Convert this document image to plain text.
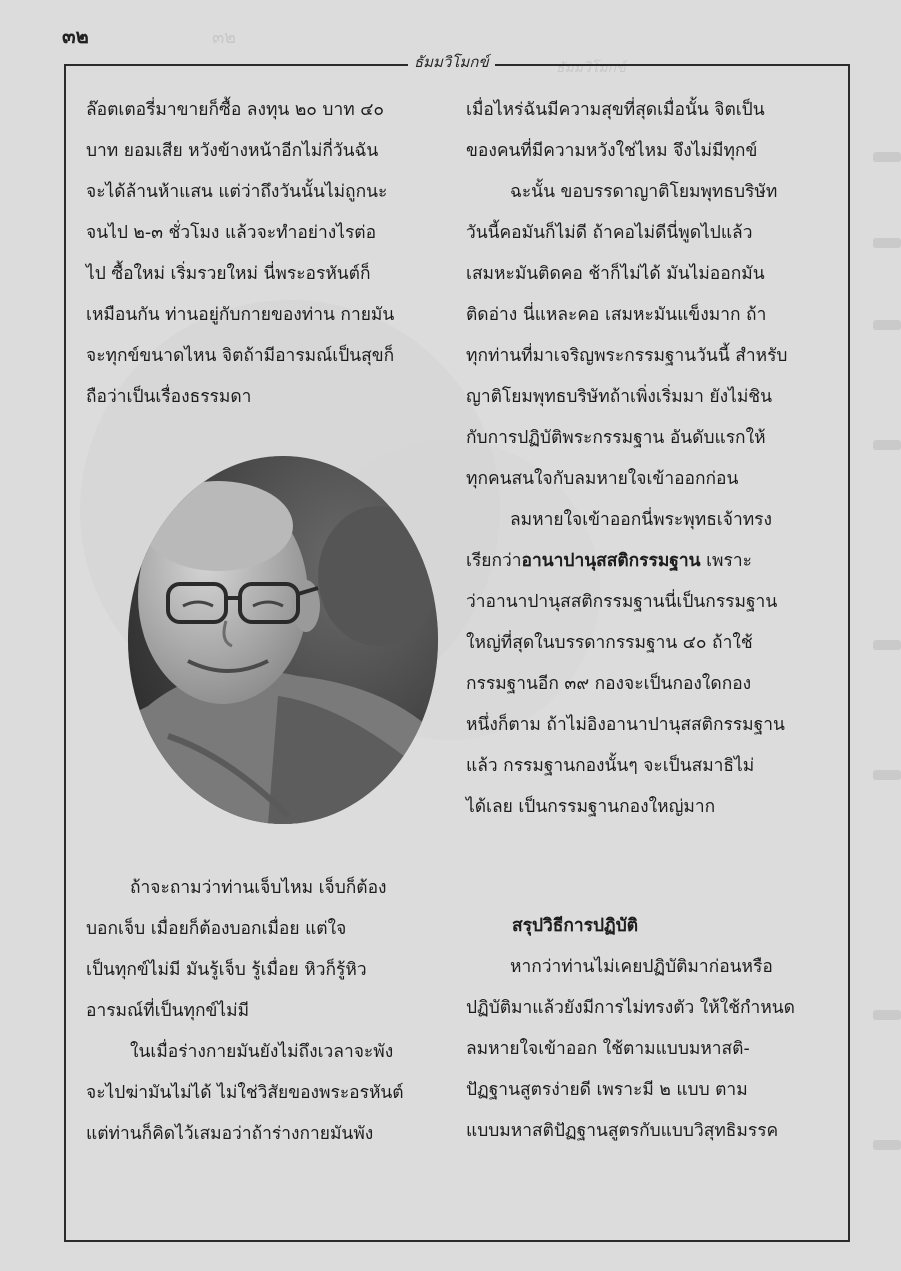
๓๒	๓๒
ธัมมวิโมกข์
ธัมมวิโมกข์

ล๊อตเตอรี่มาขายก็ซื้อ ลงทุน ๒๐ บาท ๔๐

บาท ยอมเสีย หวังข้างหน้าอีกไม่กี่วันฉัน

จะได้ล้านห้าแสน แต่ว่าถึงวันนั้นไม่ถูกนะ

จนไป ๒-๓ ชั่วโมง แล้วจะทำอย่างไรต่อ

ไป ซื้อใหม่ เริ่มรวยใหม่ นี่พระอรหันต์ก็

เหมือนกัน ท่านอยู่กับกายของท่าน กายมัน

จะทุกข์ขนาดไหน จิตถ้ามีอารมณ์เป็นสุขก็

ถือว่าเป็นเรื่องธรรมดา

ถ้าจะถามว่าท่านเจ็บไหม เจ็บก็ต้อง

บอกเจ็บ เมื่อยก็ต้องบอกเมื่อย แต่ใจ

เป็นทุกข์ไม่มี มันรู้เจ็บ รู้เมื่อย หิวก็รู้หิว

อารมณ์ที่เป็นทุกข์ไม่มี

ในเมื่อร่างกายมันยังไม่ถึงเวลาจะพัง

จะไปฆ่ามันไม่ได้ ไม่ใช่วิสัยของพระอรหันต์

แต่ท่านก็คิดไว้เสมอว่าถ้าร่างกายมันพัง

เมื่อไหร่ฉันมีความสุขที่สุดเมื่อนั้น จิตเป็น

ของคนที่มีความหวังใช่ไหม จึงไม่มีทุกข์

ฉะนั้น ขอบรรดาญาติโยมพุทธบริษัท

วันนี้คอมันก็ไม่ดี ถ้าคอไม่ดีนี่พูดไปแล้ว

เสมหะมันติดคอ ช้าก็ไม่ได้ มันไม่ออกมัน

ติดอ่าง นี่แหละคอ เสมหะมันแข็งมาก ถ้า

ทุกท่านที่มาเจริญพระกรรมฐานวันนี้ สำหรับ

ญาติโยมพุทธบริษัทถ้าเพิ่งเริ่มมา ยังไม่ชิน

กับการปฏิบัติพระกรรมฐาน อันดับแรกให้

ทุกคนสนใจกับลมหายใจเข้าออกก่อน

ลมหายใจเข้าออกนี่พระพุทธเจ้าทรง

เรียกว่าอานาปานุสสติกรรมฐาน เพราะ

ว่าอานาปานุสสติกรรมฐานนี่เป็นกรรมฐาน

ใหญ่ที่สุดในบรรดากรรมฐาน ๔๐ ถ้าใช้

กรรมฐานอีก ๓๙ กองจะเป็นกองใดกอง

หนึ่งก็ตาม ถ้าไม่อิงอานาปานุสสติกรรมฐาน

แล้ว กรรมฐานกองนั้นๆ จะเป็นสมาธิไม่

ได้เลย เป็นกรรมฐานกองใหญ่มาก

สรุปวิธีการปฏิบัติ

หากว่าท่านไม่เคยปฏิบัติมาก่อนหรือ

ปฏิบัติมาแล้วยังมีการไม่ทรงตัว ให้ใช้กำหนด

ลมหายใจเข้าออก ใช้ตามแบบมหาสติ-

ปัฏฐานสูตรง่ายดี เพราะมี ๒ แบบ ตาม

แบบมหาสติปัฏฐานสูตรกับแบบวิสุทธิมรรค
